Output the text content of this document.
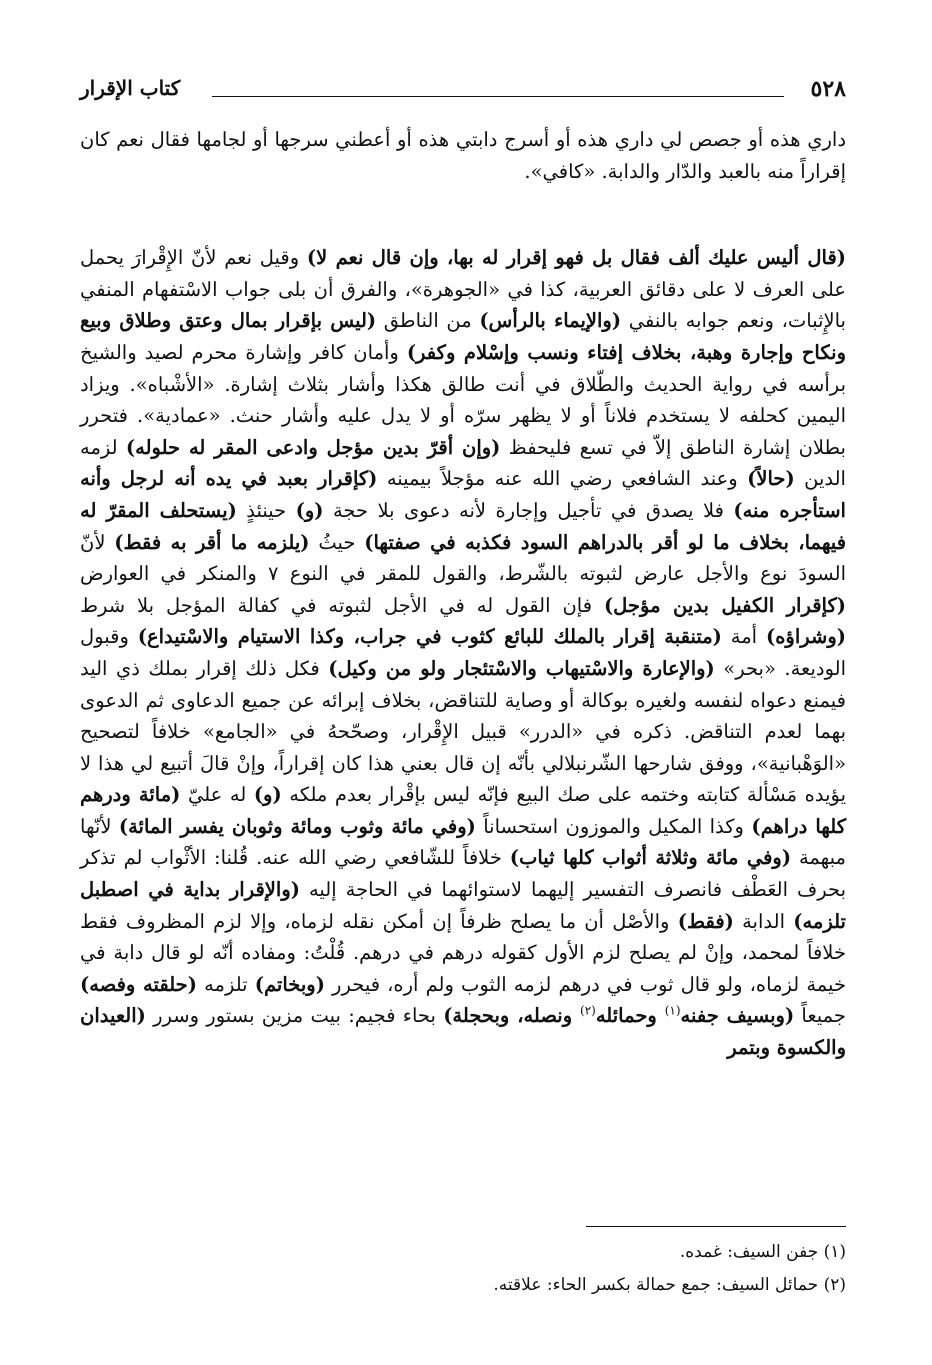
٥٢٨
كتاب الإقرار

داري هذه أو جصص لي داري هذه أو أسرج دابتي هذه أو أعطني سرجها أو لجامها فقال نعم كان إقراراً منه بالعبد والدّار والدابة. «كافي».

(قال أليس عليك ألف فقال بل فهو إقرار له بها، وإن قال نعم لا) وقيل نعم لأنّ الإِقْرارَ يحمل على العرف لا على دقائق العربية، كذا في «الجوهرة»، والفرق أن بلى جواب الاسْتفهام المنفي بالإِثبات، ونعم جوابه بالنفي (والإيماء بالرأس) من الناطق (ليس بإقرار بمال وعتق وطلاق وبيع ونكاح وإجارة وهبة، بخلاف إفتاء ونسب وإسْلام وكفر) وأمان كافر وإشارة محرم لصيد والشيخ برأسه في رواية الحديث والطّلاق في أنت طالق هكذا وأشار بثلاث إشارة. «الأشْباه». ويزاد اليمين كحلفه لا يستخدم فلاناً أو لا يظهر سرّه أو لا يدل عليه وأشار حنث. «عمادية». فتحرر بطلان إشارة الناطق إلاّ في تسع فليحفظ (وإن أقرّ بدين مؤجل وادعى المقر له حلوله) لزمه الدين (حالاً) وعند الشافعي رضي الله عنه مؤجلاً بيمينه (كإقرار بعبد في يده أنه لرجل وأنه استأجره منه) فلا يصدق في تأجيل وإجارة لأنه دعوى بلا حجة (و) حينئذٍ (يستحلف المقرّ له فيهما، بخلاف ما لو أقر بالدراهم السود فكذبه في صفتها) حيثُ (يلزمه ما أقر به فقط) لأنّ السودَ نوع والأجل عارض لثبوته بالشّرط، والقول للمقر في النوع ٧ والمنكر في العوارض (كإقرار الكفيل بدين مؤجل) فإن القول له في الأجل لثبوته في كفالة المؤجل بلا شرط (وشراؤه) أمة (متنقبة إقرار بالملك للبائع كثوب في جراب، وكذا الاستيام والاسْتيداع) وقبول الوديعة. «بحر» (والإعارة والاسْتيهاب والاسْتئجار ولو من وكيل) فكل ذلك إقرار بملك ذي اليد فيمنع دعواه لنفسه ولغيره بوكالة أو وصاية للتناقض، بخلاف إبرائه عن جميع الدعاوى ثم الدعوى بهما لعدم التناقض. ذكره في «الدرر» قبيل الإِقْرار، وصحّحهُ في «الجامع» خلافاً لتصحيح «الوَهْبانية»، ووفق شارحها الشّرنبلالي بأنّه إن قال بعني هذا كان إقراراً، وإنْ قالَ أتبيع لي هذا لا يؤيده مَسْألة كتابته وختمه على صك البيع فإنّه ليس بإقْرار بعدم ملكه (و) له عليّ (مائة ودرهم كلها دراهم) وكذا المكيل والموزون استحساناً (وفي مائة وثوب ومائة وثوبان يفسر المائة) لأنّها مبهمة (وفي مائة وثلاثة أثواب كلها ثياب) خلافاً للشّافعي رضي الله عنه. قُلنا: الأثْواب لم تذكر بحرف العَطْف فانصرف التفسير إليهما لاستوائهما في الحاجة إليه (والإقرار بداية في اصطبل تلزمه) الدابة (فقط) والأصْل أن ما يصلح ظرفاً إن أمكن نقله لزماه، وإلا لزم المظروف فقط خلافاً لمحمد، وإنْ لم يصلح لزم الأول كقوله درهم في درهم. قُلْتُ: ومفاده أنّه لو قال دابة في خيمة لزماه، ولو قال ثوب في درهم لزمه الثوب ولم أره، فيحرر (وبخاتم) تلزمه (حلقته وفصه) جميعاً (وبسيف جفنه$^{(١)}$ وحمائله$^{(٢)}$ ونصله، وبحجلة) بحاء فجيم: بيت مزين بستور وسرر (العيدان والكسوة وبتمر

(١) جفن السيف: غمده.
(٢) حمائل السيف: جمع حمالة بكسر الحاء: علاقته.
